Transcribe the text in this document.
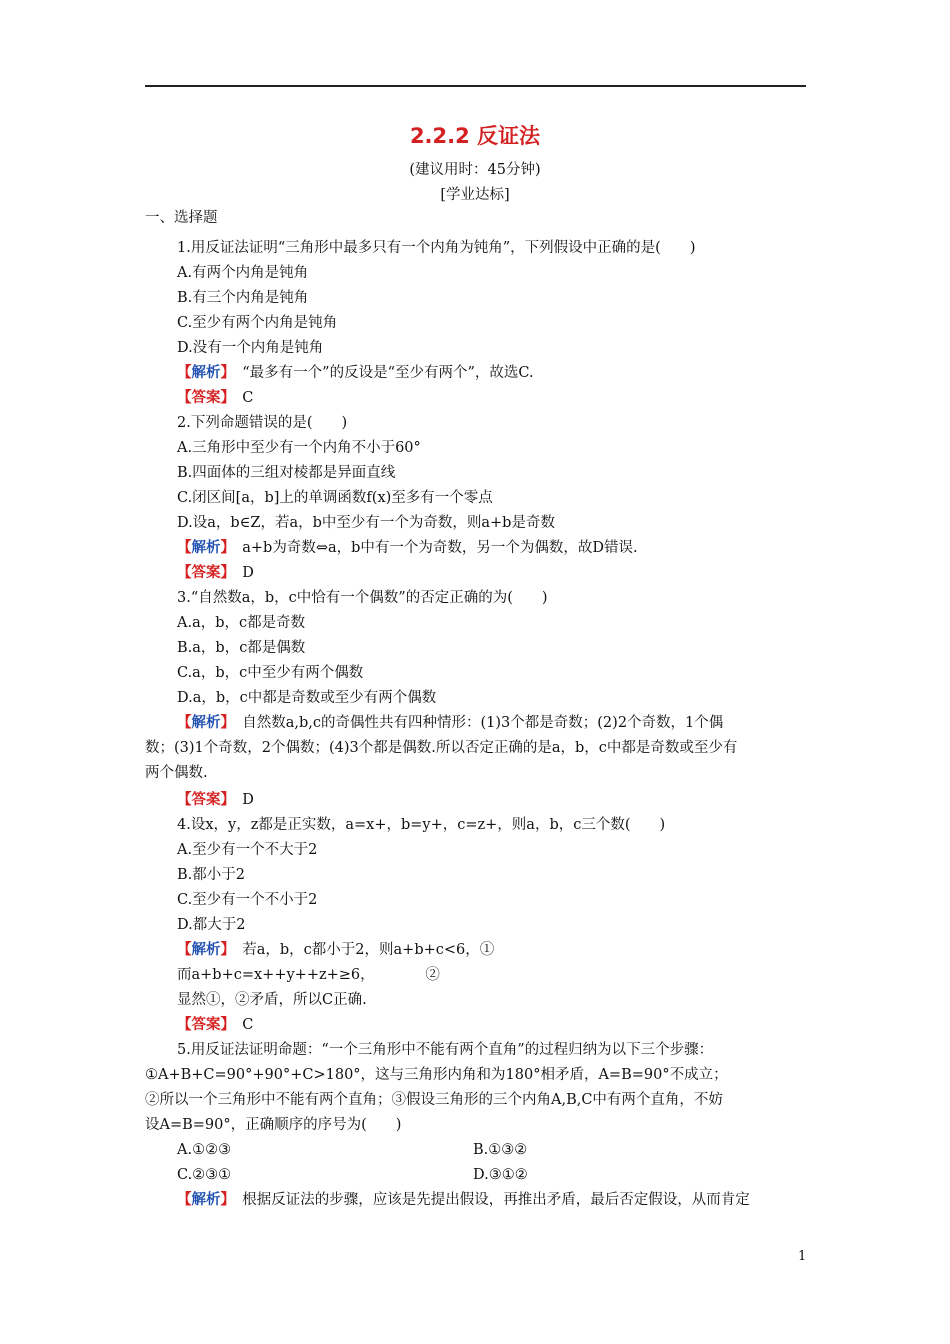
2.2.2 反证法
(建议用时：45分钟)
[学业达标]
一、选择题
1.用反证法证明“三角形中最多只有一个内角为钝角”，下列假设中正确的是(　　)
A.有两个内角是钝角
B.有三个内角是钝角
C.至少有两个内角是钝角
D.没有一个内角是钝角
【解析】　“最多有一个”的反设是“至少有两个”，故选C.
【答案】　C
2.下列命题错误的是(　　)
A.三角形中至少有一个内角不小于60°
B.四面体的三组对棱都是异面直线
C.闭区间[a，b]上的单调函数f(x)至多有一个零点
D.设a，b∈Z，若a，b中至少有一个为奇数，则a+b是奇数
【解析】　a+b为奇数⇔a，b中有一个为奇数，另一个为偶数，故D错误.
【答案】　D
3.“自然数a，b，c中恰有一个偶数”的否定正确的为(　　)
A.a，b，c都是奇数
B.a，b，c都是偶数
C.a，b，c中至少有两个偶数
D.a，b，c中都是奇数或至少有两个偶数
【解析】　自然数a,b,c的奇偶性共有四种情形：(1)3个都是奇数；(2)2个奇数，1个偶
数；(3)1个奇数，2个偶数；(4)3个都是偶数.所以否定正确的是a，b，c中都是奇数或至少有
两个偶数.
【答案】　D
4.设x，y，z都是正实数，a=x+，b=y+，c=z+，则a，b，c三个数(　　)
A.至少有一个不大于2
B.都小于2
C.至少有一个不小于2
D.都大于2
【解析】　若a，b，c都小于2，则a+b+c<6，①
而a+b+c=x++y++z+≥6，　　　　②
显然①，②矛盾，所以C正确.
【答案】　C
5.用反证法证明命题：“一个三角形中不能有两个直角”的过程归纳为以下三个步骤：
①A+B+C=90°+90°+C>180°，这与三角形内角和为180°相矛盾，A=B=90°不成立；
②所以一个三角形中不能有两个直角；③假设三角形的三个内角A,B,C中有两个直角，不妨
设A=B=90°，正确顺序的序号为(　　)
【解析】　根据反证法的步骤，应该是先提出假设，再推出矛盾，最后否定假设，从而肯定
A.①②③	B.①③②
C.②③①	D.③①②
1
